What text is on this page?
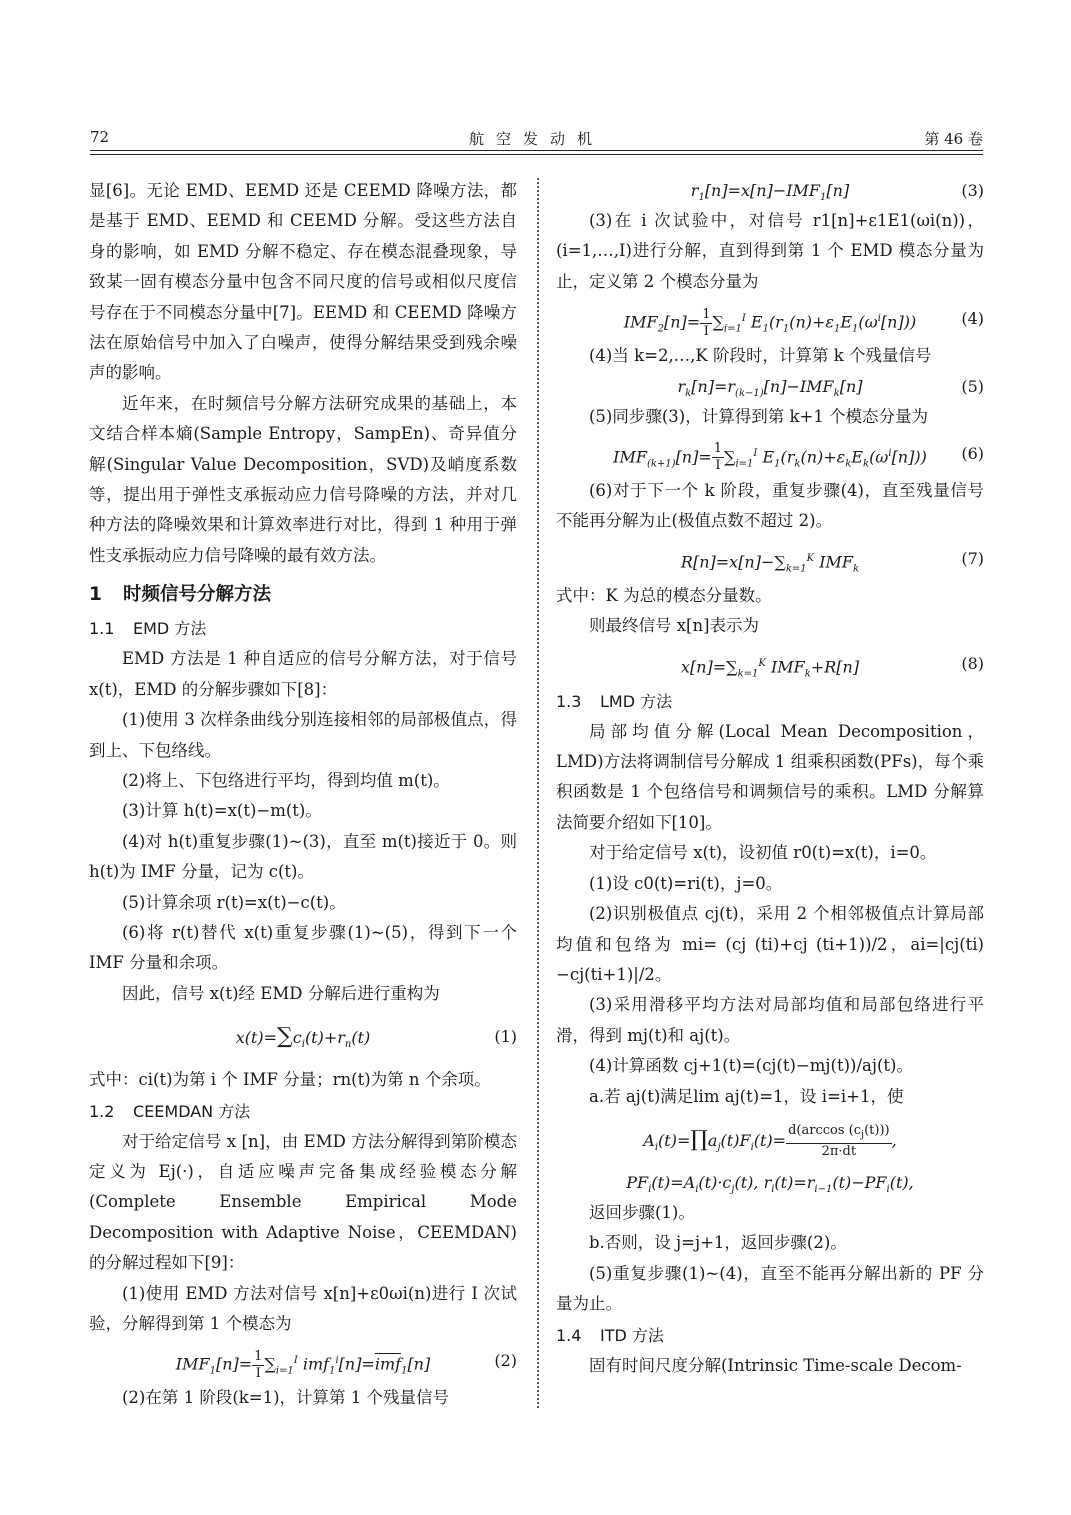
72	航空发动机	第 46 卷

显[6]。无论 EMD、EEMD 还是 CEEMD 降噪方法，都是基于 EMD、EEMD 和 CEEMD 分解。受这些方法自身的影响，如 EMD 分解不稳定、存在模态混叠现象，导致某一固有模态分量中包含不同尺度的信号或相似尺度信号存在于不同模态分量中[7]。EEMD 和 CEEMD 降噪方法在原始信号中加入了白噪声，使得分解结果受到残余噪声的影响。

近年来，在时频信号分解方法研究成果的基础上，本文结合样本熵(Sample Entropy，SampEn)、奇异值分解(Singular Value Decomposition，SVD)及峭度系数等，提出用于弹性支承振动应力信号降噪的方法，并对几种方法的降噪效果和计算效率进行对比，得到 1 种用于弹性支承振动应力信号降噪的最有效方法。

1 时频信号分解方法
1.1 EMD 方法

EMD 方法是 1 种自适应的信号分解方法，对于信号 x(t)，EMD 的分解步骤如下[8]：

(1)使用 3 次样条曲线分别连接相邻的局部极值点，得到上、下包络线。

(2)将上、下包络进行平均，得到均值 m(t)。

(3)计算 h(t)=x(t)−m(t)。

(4)对 h(t)重复步骤(1)~(3)，直至 m(t)接近于 0。则 h(t)为 IMF 分量，记为 c(t)。

(5)计算余项 r(t)=x(t)−c(t)。

(6)将 r(t)替代 x(t)重复步骤(1)~(5)，得到下一个 IMF 分量和余项。

因此，信号 x(t)经 EMD 分解后进行重构为

$x(t)=\sum c_i(t)+r_n(t)$	(1)

式中：ci(t)为第 i 个 IMF 分量；rn(t)为第 n 个余项。

1.2 CEEMDAN 方法

对于给定信号 x [n]，由 EMD 方法分解得到第阶模态定义为 Ej(·)，自适应噪声完备集成经验模态分解 (Complete Ensemble Empirical Mode Decomposition with Adaptive Noise，CEEMDAN)的分解过程如下[9]：

(1)使用 EMD 方法对信号 x[n]+ε0ωi(n)进行 I 次试验，分解得到第 1 个模态为

$IMF_1[n]= \frac{1}{I} \sum_{i=1}^I$ $imf_1^i[n]=\overline{imf}_1[n]$	(2)

(2)在第 1 阶段(k=1)，计算第 1 个残量信号

$r_1[n]=x[n]-IMF_1[n]$	(3)

(3)在 i 次试验中，对信号 r1[n]+ε1E1(ωi(n))，(i=1,…,I)进行分解，直到得到第 1 个 EMD 模态分量为止，定义第 2 个模态分量为

$IMF_2[n]= \frac{1}{I} \sum_{i=1}^I$ $E_1(r_1(n)+\varepsilon_1E_1(\omega^i[n]))$	(4)

(4)当 k=2,…,K 阶段时，计算第 k 个残量信号

$r_k[n]=r_{(k-1)}[n]-IMF_k[n]$	(5)

(5)同步骤(3)，计算得到第 k+1 个模态分量为

$IMF_{(k+1)}[n]= \frac{1}{I} \sum_{i=1}^I$ $E_1(r_k(n)+\varepsilon_kE_k(\omega^i[n]))$	(6)

(6)对于下一个 k 阶段，重复步骤(4)，直至残量信号不能再分解为止(极值点数不超过 2)。

$R[n]=x[n]-\sum_{k=1}^K$ $IMF_k$
(7)

式中：K 为总的模态分量数。

则最终信号 x[n]表示为

$x[n]=\sum_{k=1}^K$ $IMF_k+R[n]$	(8)
1.3 LMD 方法

局部均值分解(Local Mean Decomposition，LMD)方法将调制信号分解成 1 组乘积函数(PFs)，每个乘积函数是 1 个包络信号和调频信号的乘积。LMD 分解算法简要介绍如下[10]。

对于给定信号 x(t)，设初值 r0(t)=x(t)，i=0。

(1)设 c0(t)=ri(t)，j=0。

(2)识别极值点 cj(t)，采用 2 个相邻极值点计算局部均值和包络为 mi= (cj (ti)+cj (ti+1))/2，ai=|cj(ti)−cj(ti+1)|/2。

(3)采用滑移平均方法对局部均值和局部包络进行平滑，得到 mj(t)和 aj(t)。

(4)计算函数 cj+1(t)=(cj(t)−mj(t))/aj(t)。

a.若 aj(t)满足lim aj(t)=1，设 i=i+1，使

$A_i(t)=\prod a_j(t)F_i(t)= \frac{d(\arccos (c_j(t)))}{2\pi\cdot dt}$ ,
$PF_i(t)=A_i(t)\cdot c_j(t)$, $r_i(t)=r_{i-1}(t)-PF_i(t)$,

返回步骤(1)。

b.否则，设 j=j+1，返回步骤(2)。

(5)重复步骤(1)~(4)，直至不能再分解出新的 PF 分量为止。

1.4 ITD 方法

固有时间尺度分解(Intrinsic Time-scale Decom-
